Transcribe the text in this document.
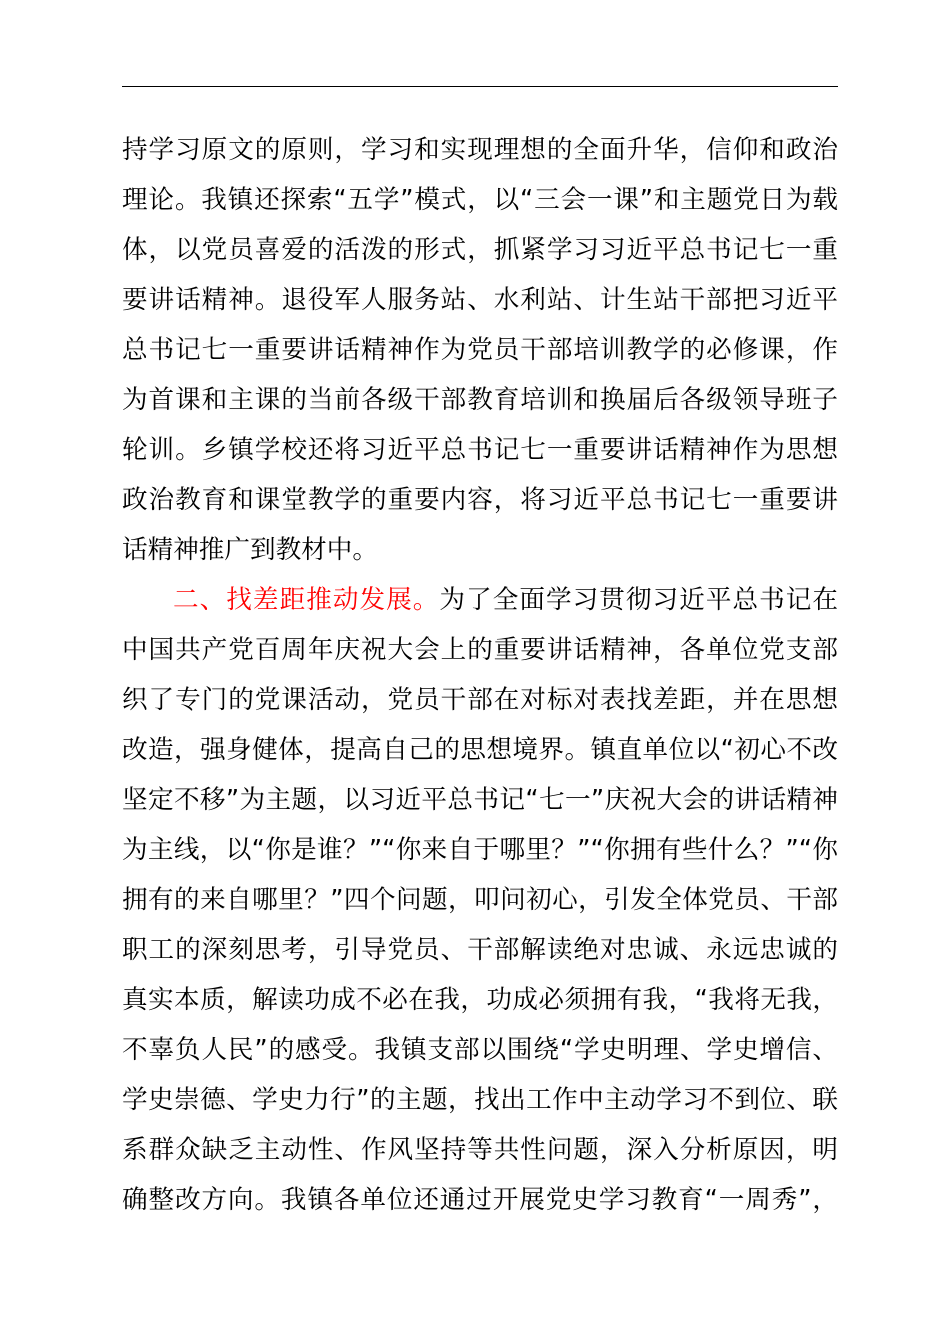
持学习原文的原则，学习和实现理想的全面升华，信仰和政治
理论。我镇还探索“五学”模式，以“三会一课”和主题党日为载
体，以党员喜爱的活泼的形式，抓紧学习习近平总书记七一重
要讲话精神。退役军人服务站、水利站、计生站干部把习近平
总书记七一重要讲话精神作为党员干部培训教学的必修课，作
为首课和主课的当前各级干部教育培训和换届后各级领导班子
轮训。乡镇学校还将习近平总书记七一重要讲话精神作为思想
政治教育和课堂教学的重要内容，将习近平总书记七一重要讲
话精神推广到教材中。
二、找差距推动发展。为了全面学习贯彻习近平总书记在
中国共产党百周年庆祝大会上的重要讲话精神，各单位党支部
织了专门的党课活动，党员干部在对标对表找差距，并在思想
改造，强身健体，提高自己的思想境界。镇直单位以“初心不改
坚定不移”为主题，以习近平总书记“七一”庆祝大会的讲话精神
为主线，以“你是谁？”“你来自于哪里？”“你拥有些什么？”“你
拥有的来自哪里？”四个问题，叩问初心，引发全体党员、干部
职工的深刻思考，引导党员、干部解读绝对忠诚、永远忠诚的
真实本质，解读功成不必在我，功成必须拥有我，“我将无我，
不辜负人民”的感受。我镇支部以围绕“学史明理、学史增信、
学史崇德、学史力行”的主题，找出工作中主动学习不到位、联
系群众缺乏主动性、作风坚持等共性问题，深入分析原因，明
确整改方向。我镇各单位还通过开展党史学习教育“一周秀”，
